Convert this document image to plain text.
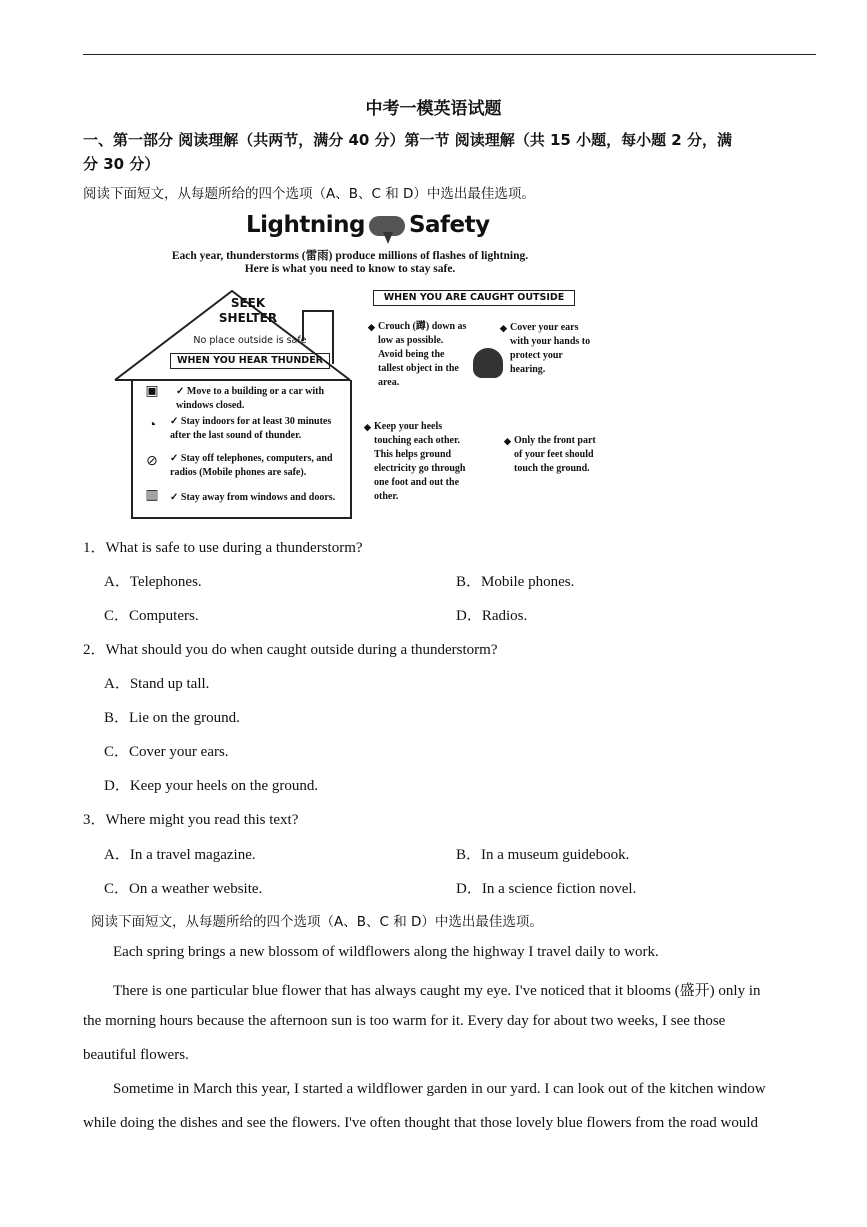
中考一模英语试题
一、第一部分 阅读理解（共两节，满分 40 分）第一节 阅读理解（共 15 小题，每小题 2 分，满
分 30 分）
阅读下面短文，从每题所给的四个选项（A、B、C 和 D）中选出最佳选项。
Lightning Safety
Each year, thunderstorms (雷雨) produce millions of flashes of lightning.
Here is what you need to know to stay safe.
SEEK SHELTER
No place outside is safe
WHEN YOU HEAR THUNDER
▣	✓ Move to a building or a car with windows closed.
◔	✓ Stay indoors for at least 30 minutes after the last sound of thunder.
⊘	✓ Stay off telephones, computers, and radios (Mobile phones are safe).
▥	✓ Stay away from windows and doors.
WHEN YOU ARE CAUGHT OUTSIDE
◆ Crouch (蹲) down as low as possible. Avoid being the tallest object in the area.
◆ Cover your ears with your hands to protect your hearing.
◆ Keep your heels touching each other. This helps ground electricity go through one foot and out the other.
◆ Only the front part of your feet should touch the ground.
1．What is safe to use during a thunderstorm?
A．Telephones.	B．Mobile phones.
C．Computers.	D．Radios.
2．What should you do when caught outside during a thunderstorm?
A．Stand up tall.
B．Lie on the ground.
C．Cover your ears.
D．Keep your heels on the ground.
3．Where might you read this text?
A．In a travel magazine.	B．In a museum guidebook.
C．On a weather website.	D．In a science fiction novel.
阅读下面短文，从每题所给的四个选项（A、B、C 和 D）中选出最佳选项。
Each spring brings a new blossom of wildflowers along the highway I travel daily to work.
There is one particular blue flower that has always caught my eye. I've noticed that it blooms (盛开) only in
the morning hours because the afternoon sun is too warm for it. Every day for about two weeks, I see those
beautiful flowers.
Sometime in March this year, I started a wildflower garden in our yard. I can look out of the kitchen window
while doing the dishes and see the flowers. I've often thought that those lovely blue flowers from the road would
